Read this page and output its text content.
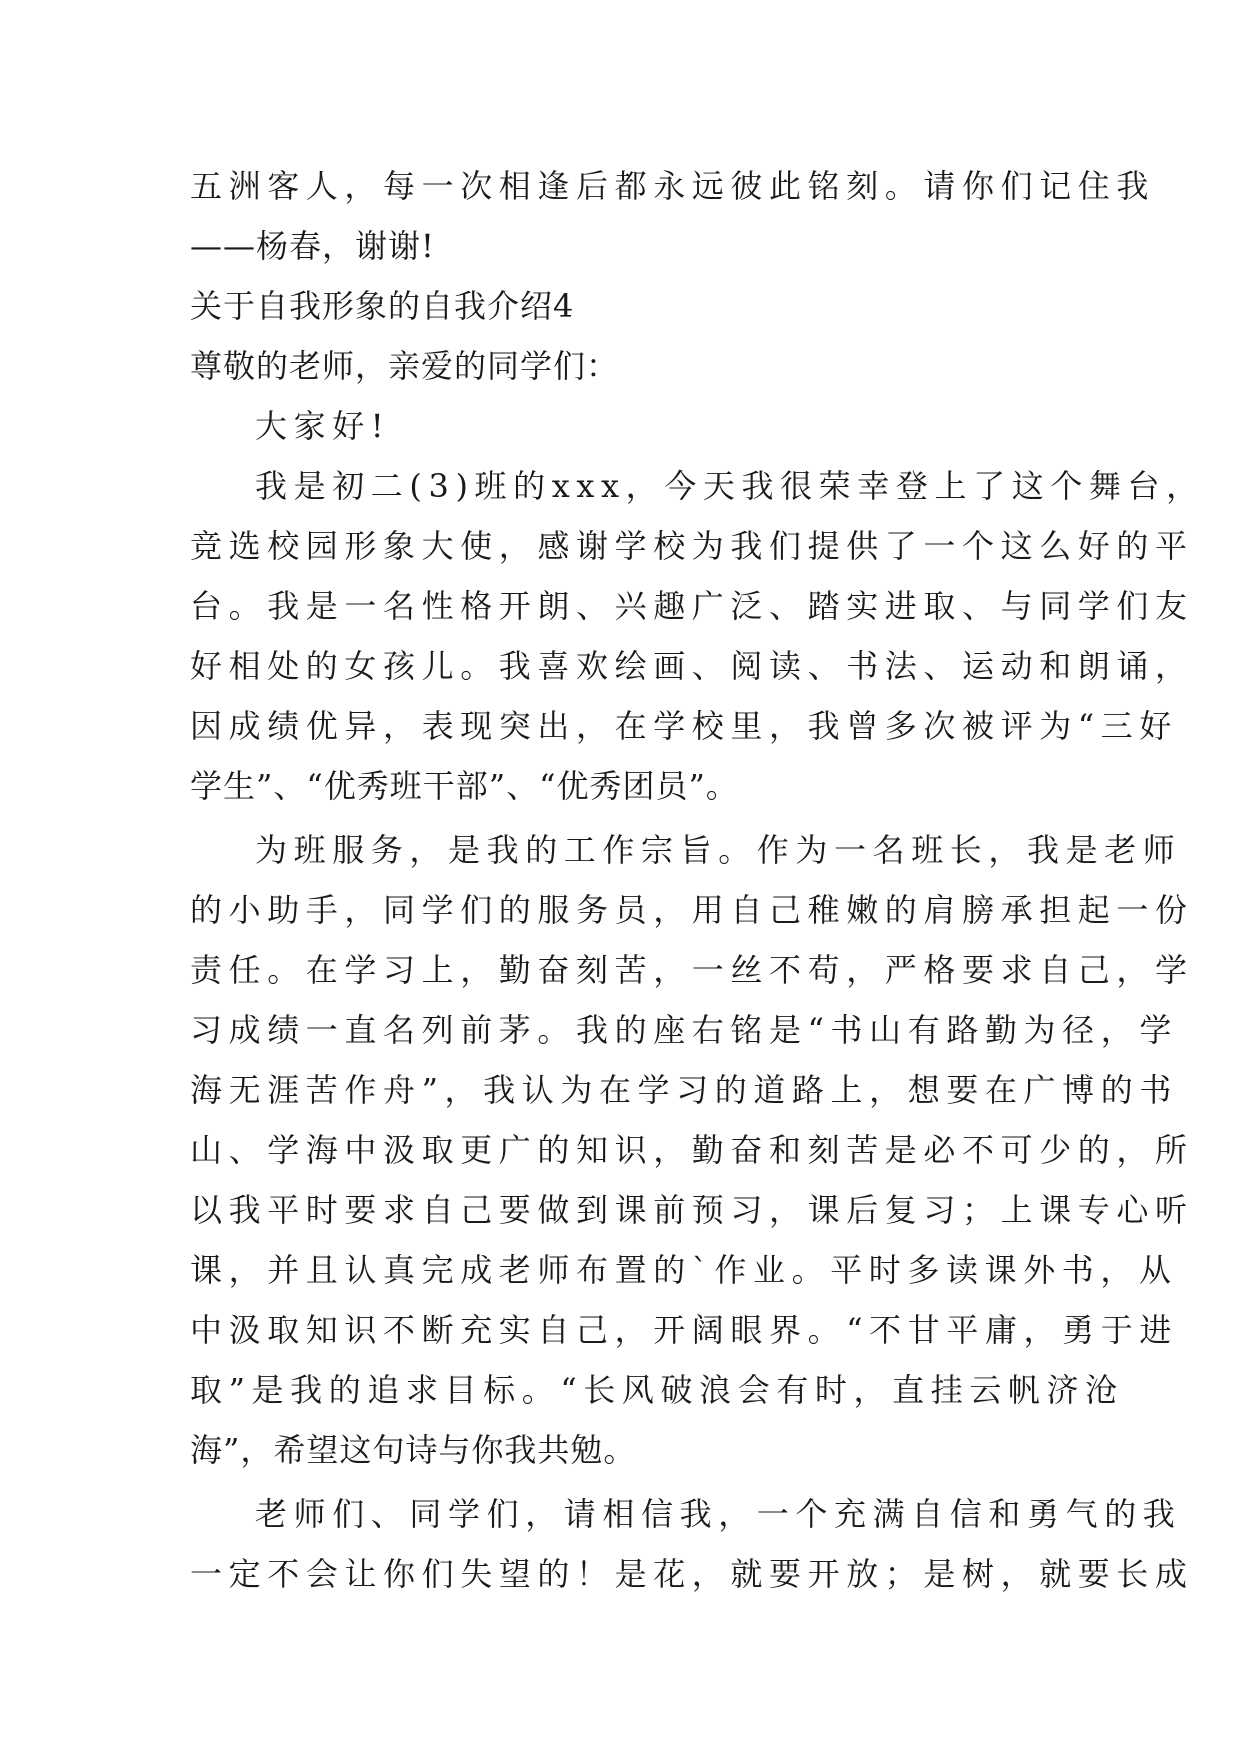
五洲客人，每一次相逢后都永远彼此铭刻。请你们记住我
——杨春，谢谢!
关于自我形象的自我介绍4
尊敬的老师，亲爱的同学们：
大家好!
我是初二(3)班的xxx，今天我很荣幸登上了这个舞台，
竞选校园形象大使，感谢学校为我们提供了一个这么好的平
台。我是一名性格开朗、兴趣广泛、踏实进取、与同学们友
好相处的女孩儿。我喜欢绘画、阅读、书法、运动和朗诵，
因成绩优异，表现突出，在学校里，我曾多次被评为“三好
学生”、“优秀班干部”、“优秀团员”。
为班服务，是我的工作宗旨。作为一名班长，我是老师
的小助手，同学们的服务员，用自己稚嫩的肩膀承担起一份
责任。在学习上，勤奋刻苦，一丝不苟，严格要求自己，学
习成绩一直名列前茅。我的座右铭是“书山有路勤为径，学
海无涯苦作舟”，我认为在学习的道路上，想要在广博的书
山、学海中汲取更广的知识，勤奋和刻苦是必不可少的，所
以我平时要求自己要做到课前预习，课后复习；上课专心听
课，并且认真完成老师布置的`作业。平时多读课外书，从
中汲取知识不断充实自己，开阔眼界。“不甘平庸，勇于进
取”是我的追求目标。“长风破浪会有时，直挂云帆济沧
海”，希望这句诗与你我共勉。
老师们、同学们，请相信我，一个充满自信和勇气的我
一定不会让你们失望的！是花，就要开放；是树，就要长成
